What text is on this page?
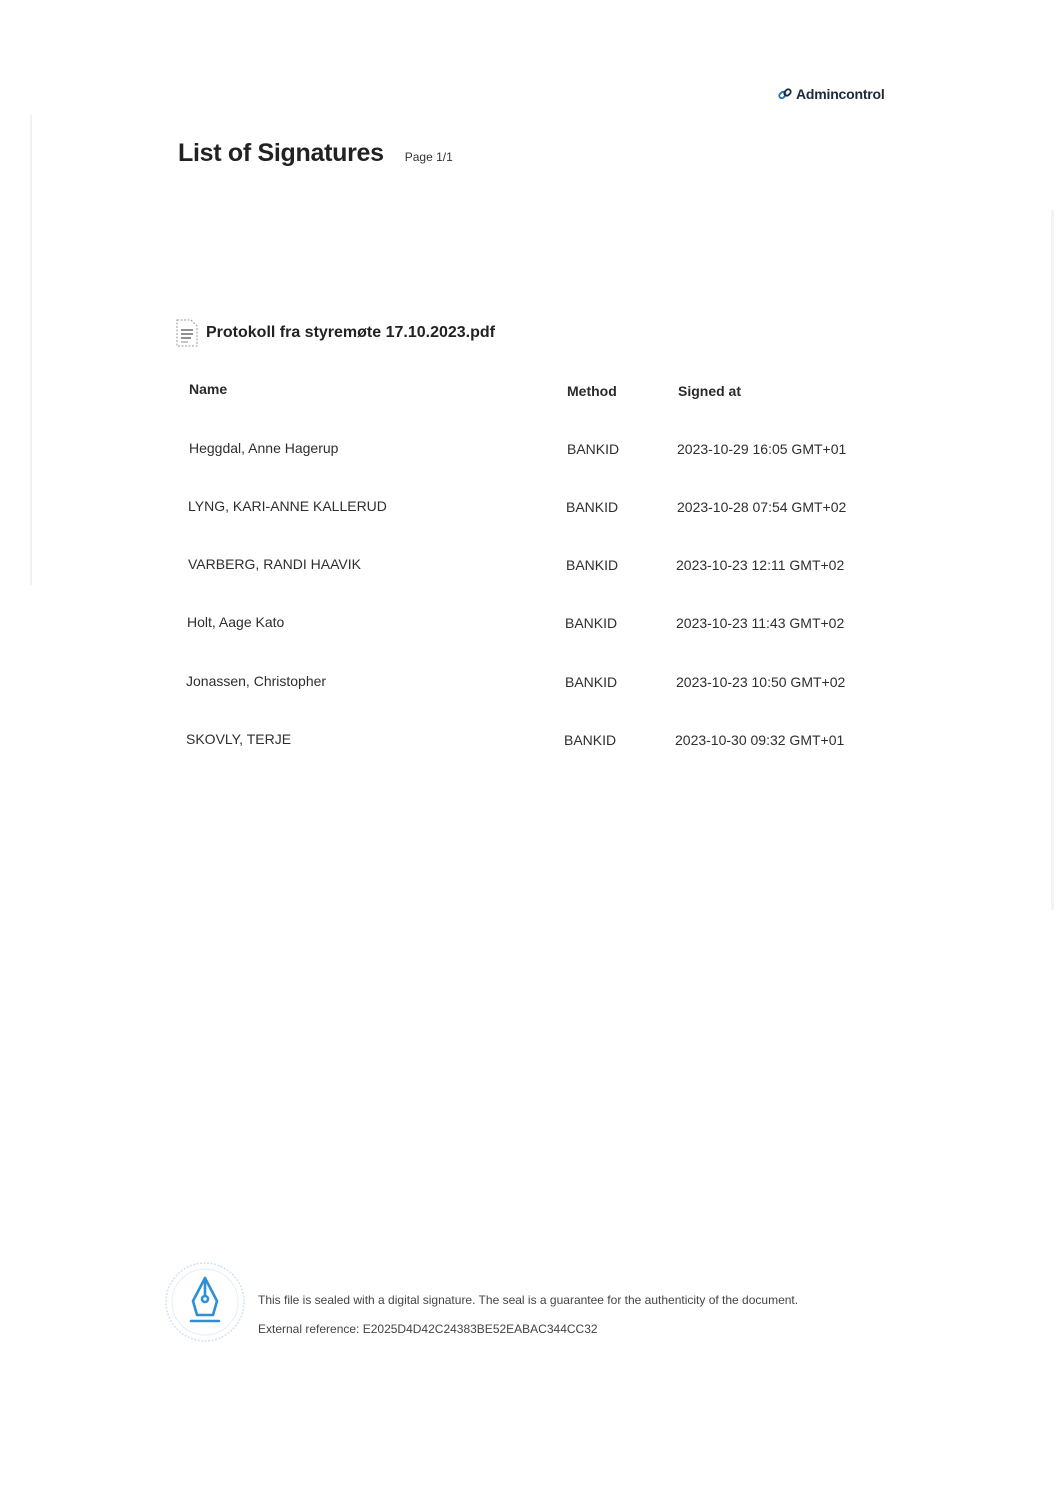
Admincontrol
List of Signatures Page 1/1
Protokoll fra styremøte 17.10.2023.pdf
Name	Method	Signed at
Heggdal, Anne Hagerup	BANKID	2023-10-29 16:05 GMT+01
LYNG, KARI-ANNE KALLERUD	BANKID	2023-10-28 07:54 GMT+02
VARBERG, RANDI HAAVIK	BANKID	2023-10-23 12:11 GMT+02
Holt, Aage Kato	BANKID	2023-10-23 11:43 GMT+02
Jonassen, Christopher	BANKID	2023-10-23 10:50 GMT+02
SKOVLY, TERJE	BANKID	2023-10-30 09:32 GMT+01
This file is sealed with a digital signature. The seal is a guarantee for the authenticity of the document.
External reference: E2025D4D42C24383BE52EABAC344CC32
